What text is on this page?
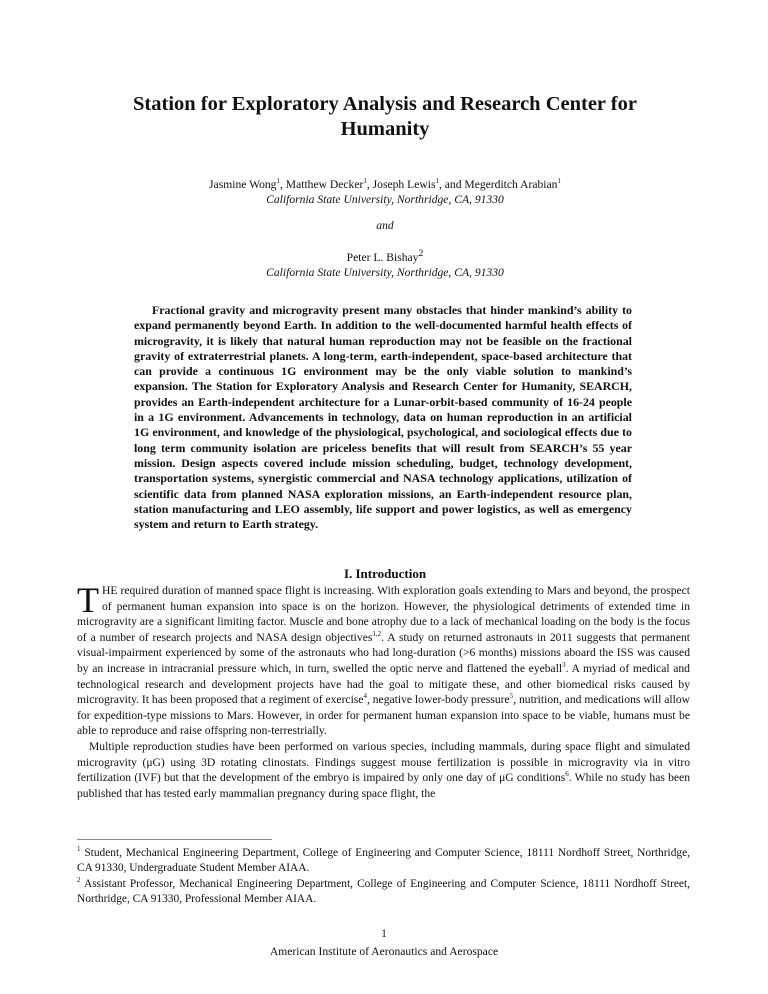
Station for Exploratory Analysis and Research Center for Humanity
Jasmine Wong$^1$, Matthew Decker$^1$, Joseph Lewis$^1$, and Megerditch Arabian$^1$
California State University, Northridge, CA, 91330
and
Peter L. Bishay$^2$
California State University, Northridge, CA, 91330
Fractional gravity and microgravity present many obstacles that hinder mankind’s ability to expand permanently beyond Earth. In addition to the well-documented harmful health effects of microgravity, it is likely that natural human reproduction may not be feasible on the fractional gravity of extraterrestrial planets. A long-term, earth-independent, space-based architecture that can provide a continuous 1G environment may be the only viable solution to mankind’s expansion. The Station for Exploratory Analysis and Research Center for Humanity, SEARCH, provides an Earth-independent architecture for a Lunar-orbit-based community of 16-24 people in a 1G environment. Advancements in technology, data on human reproduction in an artificial 1G environment, and knowledge of the physiological, psychological, and sociological effects due to long term community isolation are priceless benefits that will result from SEARCH’s 55 year mission. Design aspects covered include mission scheduling, budget, technology development, transportation systems, synergistic commercial and NASA technology applications, utilization of scientific data from planned NASA exploration missions, an Earth-independent resource plan, station manufacturing and LEO assembly, life support and power logistics, as well as emergency system and return to Earth strategy.
I. Introduction

THE required duration of manned space flight is increasing. With exploration goals extending to Mars and beyond, the prospect of permanent human expansion into space is on the horizon. However, the physiological detriments of extended time in microgravity are a significant limiting factor. Muscle and bone atrophy due to a lack of mechanical loading on the body is the focus of a number of research projects and NASA design objectives$^{1,2}$. A study on returned astronauts in 2011 suggests that permanent visual-impairment experienced by some of the astronauts who had long-duration (>6 months) missions aboard the ISS was caused by an increase in intracranial pressure which, in turn, swelled the optic nerve and flattened the eyeball$^3$. A myriad of medical and technological research and development projects have had the goal to mitigate these, and other biomedical risks caused by microgravity. It has been proposed that a regiment of exercise$^4$, negative lower-body pressure$^5$, nutrition, and medications will allow for expedition-type missions to Mars. However, in order for permanent human expansion into space to be viable, humans must be able to reproduce and raise offspring non-terrestrially.

Multiple reproduction studies have been performed on various species, including mammals, during space flight and simulated microgravity (μG) using 3D rotating clinostats. Findings suggest mouse fertilization is possible in microgravity via in vitro fertilization (IVF) but that the development of the embryo is impaired by only one day of μG conditions$^6$. While no study has been published that has tested early mammalian pregnancy during space flight, the

$^1$ Student, Mechanical Engineering Department, College of Engineering and Computer Science, 18111 Nordhoff Street, Northridge, CA 91330, Undergraduate Student Member AIAA.

$^2$ Assistant Professor, Mechanical Engineering Department, College of Engineering and Computer Science, 18111 Nordhoff Street, Northridge, CA 91330, Professional Member AIAA.

1
American Institute of Aeronautics and Aerospace
